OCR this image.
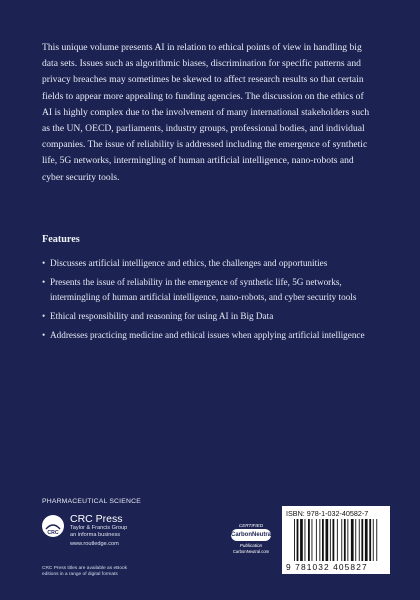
This unique volume presents AI in relation to ethical points of view in handling big data sets. Issues such as algorithmic biases, discrimination for specific patterns and privacy breaches may sometimes be skewed to affect research results so that certain fields to appear more appealing to funding agencies. The discussion on the ethics of AI is highly complex due to the involvement of many international stakeholders such as the UN, OECD, parliaments, industry groups, professional bodies, and individual companies. The issue of reliability is addressed including the emergence of synthetic life, 5G networks, intermingling of human artificial intelligence, nano-robots and cyber security tools.

Features
• Discusses artificial intelligence and ethics, the challenges and opportunities
• Presents the issue of reliability in the emergence of synthetic life, 5G networks, intermingling of human artificial intelligence, nano-robots, and cyber security tools
• Ethical responsibility and reasoning for using AI in Big Data
• Addresses practicing medicine and ethical issues when applying artificial intelligence
PHARMACEUTICAL SCIENCE
CRC
CRC Press
Taylor & Francis Group
an informa business
www.routledge.com
CRC Press titles are available as eBook editions in a range of digital formats
CERTIFIED
CarbonNeutral
Publication
CarbonNeutral.com
ISBN: 978-1-032-40582-7
9 781032 405827
